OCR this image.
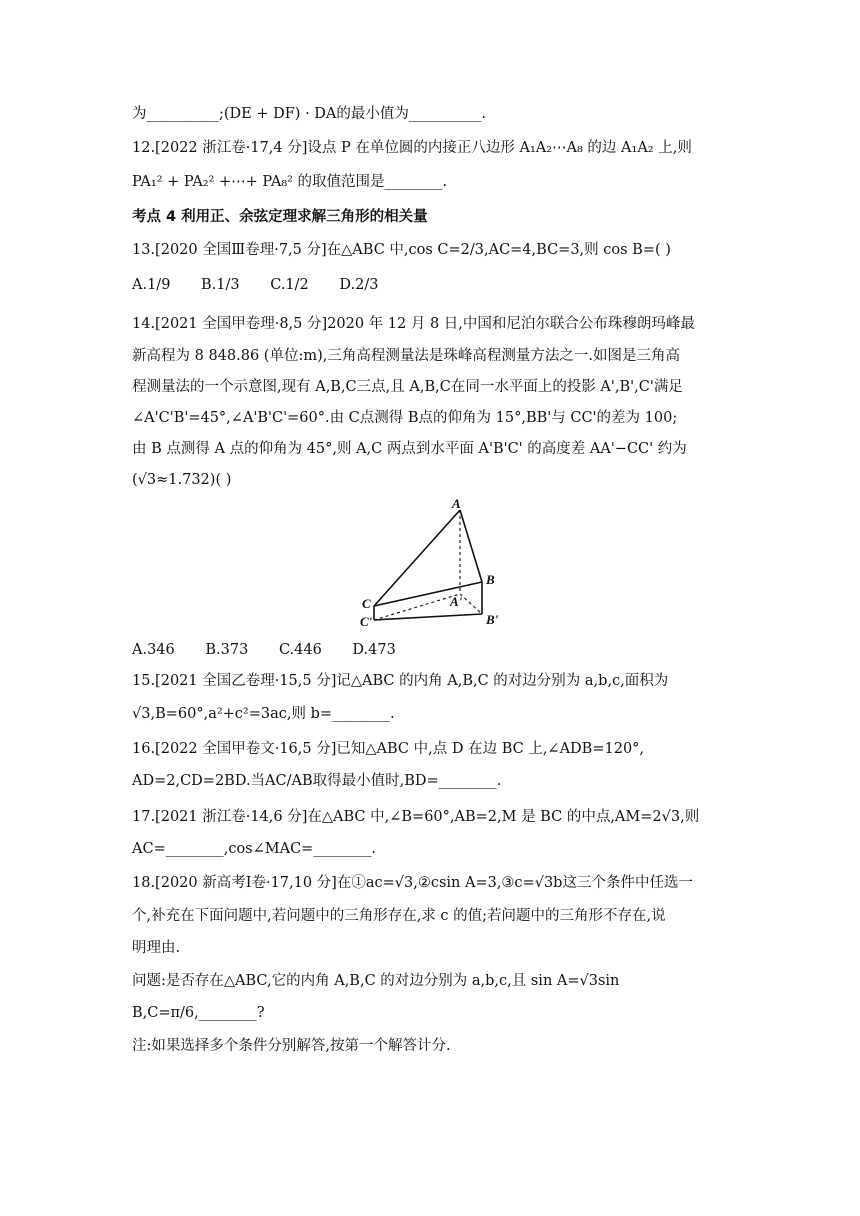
为__________;(DE + DF) · DA的最小值为__________.
12.[2022 浙江卷·17,4 分]设点 P 在单位圆的内接正八边形 A₁A₂⋯A₈ 的边 A₁A₂ 上,则
PA₁² + PA₂² +⋯+ PA₈² 的取值范围是________.
考点 4 利用正、余弦定理求解三角形的相关量
13.[2020 全国Ⅲ卷理·7,5 分]在△ABC 中,cos C=2/3,AC=4,BC=3,则 cos B=( )
A.1/9 B.1/3 C.1/2 D.2/3
14.[2021 全国甲卷理·8,5 分]2020 年 12 月 8 日,中国和尼泊尔联合公布珠穆朗玛峰最
新高程为 8 848.86 (单位:m),三角高程测量法是珠峰高程测量方法之一.如图是三角高
程测量法的一个示意图,现有 A,B,C三点,且 A,B,C在同一水平面上的投影 A',B',C'满足
∠A'C'B'=45°,∠A'B'C'=60°.由 C点测得 B点的仰角为 15°,BB'与 CC'的差为 100;
由 B 点测得 A 点的仰角为 45°,则 A,C 两点到水平面 A'B'C' 的高度差 AA'−CC' 约为
(√3≈1.732)( )
A
B
C	A'
B'
C'
A.346 B.373 C.446 D.473
15.[2021 全国乙卷理·15,5 分]记△ABC 的内角 A,B,C 的对边分别为 a,b,c,面积为
√3,B=60°,a²+c²=3ac,则 b=________.
16.[2022 全国甲卷文·16,5 分]已知△ABC 中,点 D 在边 BC 上,∠ADB=120°,
AD=2,CD=2BD.当AC/AB取得最小值时,BD=________.
17.[2021 浙江卷·14,6 分]在△ABC 中,∠B=60°,AB=2,M 是 BC 的中点,AM=2√3,则
AC=________,cos∠MAC=________.
18.[2020 新高考Ⅰ卷·17,10 分]在①ac=√3,②csin A=3,③c=√3b这三个条件中任选一
个,补充在下面问题中,若问题中的三角形存在,求 c 的值;若问题中的三角形不存在,说
明理由.
问题:是否存在△ABC,它的内角 A,B,C 的对边分别为 a,b,c,且 sin A=√3sin
B,C=π/6,________?
注:如果选择多个条件分别解答,按第一个解答计分.
